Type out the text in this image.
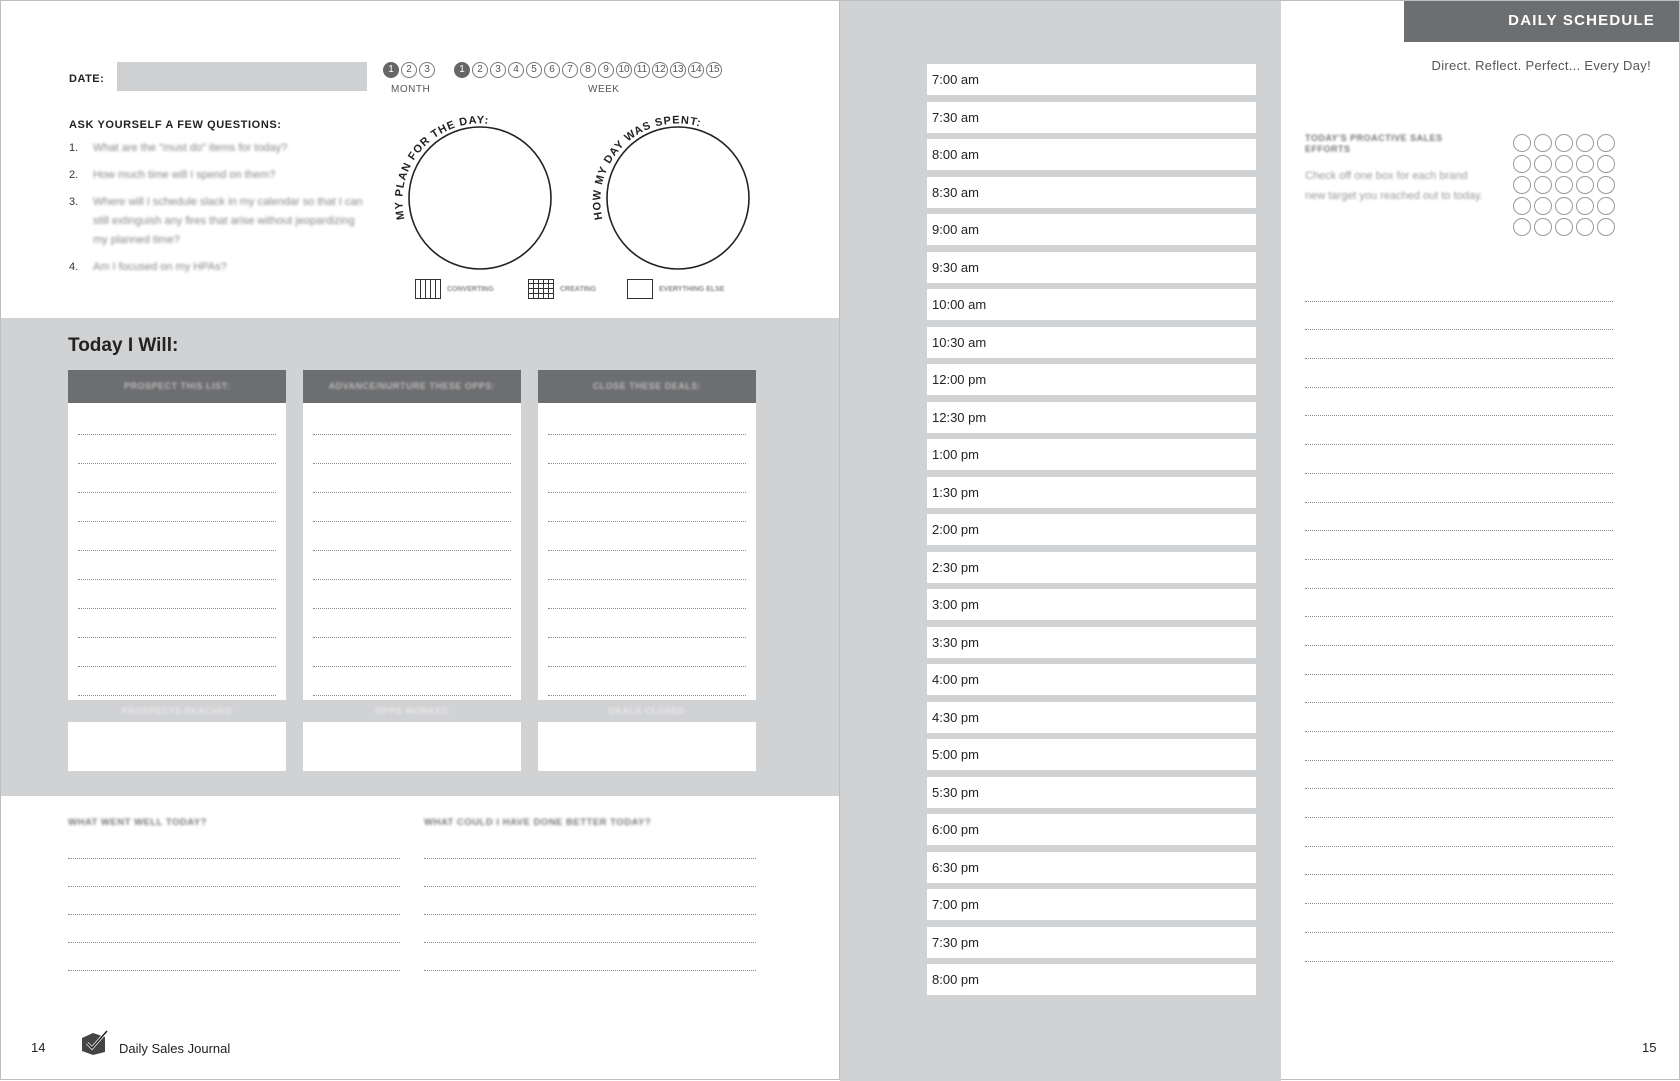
DATE:
1	2	3
MONTH
1	2	3	4	5	6	7	8	9 10 11 12 13 14 15
WEEK
ASK YOURSELF A FEW QUESTIONS:
1.	What are the "must do" items for today?
2.	How much time will I spend on them?
3.	Where will I schedule slack in my calendar so that I can still extinguish any fires that arise without jeopardizing my planned time?
4.	Am I focused on my HPAs?
MY PLAN FOR THE DAY:
HOW MY DAY WAS SPENT:
CONVERTING	CREATING	EVERYTHING ELSE
Today I Will:
PROSPECT THIS LIST:
PROSPECTS REACHED
ADVANCE/NURTURE THESE OPPS:
OPPS WORKED
CLOSE THESE DEALS:
DEALS CLOSED
WHAT WENT WELL TODAY?	WHAT COULD I HAVE DONE BETTER TODAY?
14	Daily Sales Journal
7:00 am
7:30 am
8:00 am
8:30 am
9:00 am
9:30 am
10:00 am
10:30 am
12:00 pm
12:30 pm
1:00 pm
1:30 pm
2:00 pm
2:30 pm
3:00 pm
3:30 pm
4:00 pm
4:30 pm
5:00 pm
5:30 pm
6:00 pm
6:30 pm
7:00 pm
7:30 pm
8:00 pm
DAILY SCHEDULE
Direct. Reflect. Perfect... Every Day!
TODAY'S PROACTIVE SALES EFFORTS
Check off one box for each brand new target you reached out to today.
15
